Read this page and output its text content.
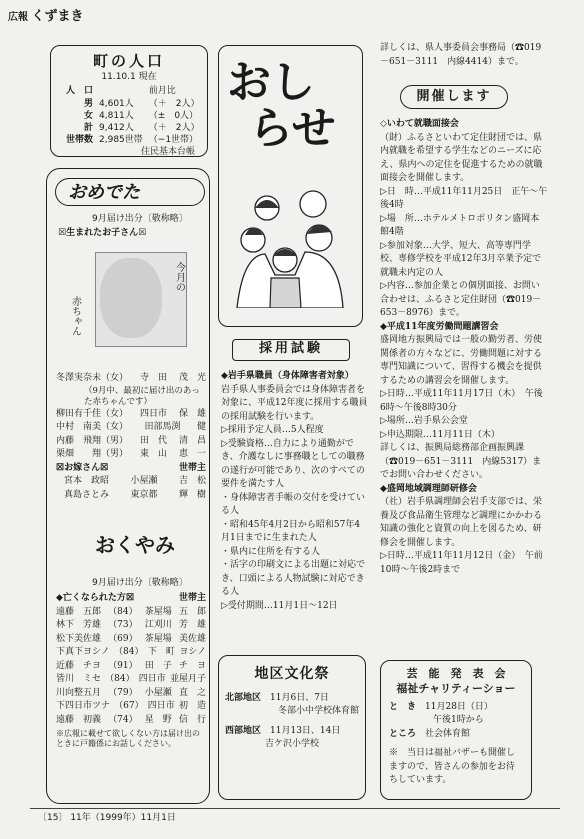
広報 くずまき
町の人口
11.10.1 現在
人　口		前月比
男	4,601人	（＋　2人）
女	4,811人	（±　0人）
計	9,412人	（＋　2人）
世帯数	2,985世帯	（−1世帯）
住民基本台帳
おめでた
9月届け出分〔敬称略〕
☒生まれたお子さん☒
今月の
赤ちゃん
冬澤実奈未（女） 寺　田 茂　光
（9月中、最初に届け出のあった赤ちゃんです）
柳田有千佳（女） 四日市 保　雄
中村　南美（女） 田部馬渕 健
内藤　飛翔（男） 田　代 清　昌
栗畑　　翔（男） 東　山 恵　一
☒お嫁さん☒	世帯主
宮本　政昭 小屋瀬 吉　松
真島さとみ 東京都 輝　樹
おくやみ
9月届け出分〔敬称略〕
◆亡くなられた方☒	世帯主
遠藤　五郎 （84） 茶屋場 五　郎
林下　芳雄 （73） 江刈川 芳　雄
松下美佐雄 （69） 茶屋場 美佐雄
下真下ヨシノ （84） 下　町 ヨシノ
近藤　チヨ （91） 田　子 チ　ヨ
皆川　ミセ （84） 四日市 並屋月子
川向整五月 （79） 小屋瀬 直　之
下四日市ツナ （67） 四日市 初　造
遠藤　初義 （74） 星　野 信　行
※広報に載せて欲しくない方は届け出のときに戸籍係にお話しください。
おし
らせ
採用試験
◆岩手県職員（身体障害者対象）
岩手県人事委員会では身体障害者を対象に、平成12年度に採用する職員の採用試験を行います。
▷採用予定人員…5人程度
▷受験資格…自力により通勤ができ、介護なしに事務職としての職務の遂行が可能であり、次のすべての要件を満たす人
・身体障害者手帳の交付を受けている人
・昭和45年4月2日から昭和57年4月1日までに生まれた人
・県内に住所を有する人
・活字の印刷文による出題に対応でき、口頭による人物試験に対応できる人
▷受付期間…11月1日〜12日
詳しくは、県人事委員会事務局（☎019－651－3111　内線4414）まで。
開催します
◇いわて就職面接会
（財）ふるさといわて定住財団では、県内就職を希望する学生などのニーズに応え、県内への定住を促進するための就職面接会を開催します。
▷日　時…平成11年11月25日　正午〜午後4時
▷場　所…ホテルメトロポリタン盛岡本館4階
▷参加対象…大学、短大、高等専門学校、専修学校を平成12年3月卒業予定で就職未内定の人
▷内容…参加企業との個別面接、お問い合わせは、ふるさと定住財団（☎019－653－8976）まで。
◆平成11年度労働問題講習会
盛岡地方振興局では一般の勤労者、労使関係者の方々などに、労働問題に対する専門知識について、習得する機会を提供するための講習会を開催します。
▷日時…平成11年11月17日（木）　午後6時〜午後8時30分
▷場所…岩手県公会堂
▷申込期限…11月11日（木）
詳しくは、振興局総務部企画振興課（☎019－651－3111　内線5317）までお問い合わせください。
◆盛岡地域調理師研修会
（社）岩手県調理師会岩手支部では、栄養及び食品衛生管理など調理にかかわる知識の強化と資質の向上を図るため、研修会を開催します。
▷日時…平成11年11月12日（金）　午前10時〜午後2時まで
地区文化祭
北部地区　 11月6日、7日
冬部小中学校体育館
西部地区　 11月13日、14日
吉ケ沢小学校
芸　能　発　表　会
福祉チャリティーショー
と　き　 11月28日（日）
午後1時から
ところ　 社会体育館
※　当日は福祉バザーも開催しますので、皆さんの参加をお待ちしています。
〔15〕 11年（1999年）11月1日
